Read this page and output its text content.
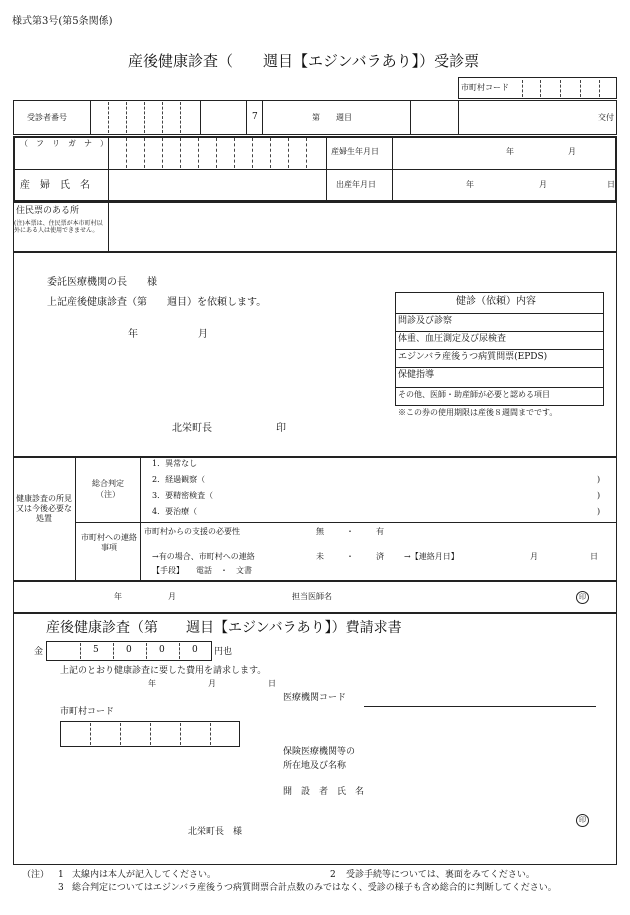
様式第3号(第5条関係)
産後健康診査（　　週目【エジンバラあり】）受診票
市町村コード
受診者番号	7	第　　週目	交付
（　フ　リ　ガ　ナ　）
産婦生年月日	年	月
産　婦　氏　名	出産年月日	年	月	日
住民票のある所
(注)本票は、住民票が本市町村以外にある人は使用できません。
委託医療機関の長　　様
上記産後健康診査（第　　週目）を依頼します。
年	月
北栄町長	印
健診（依頼）内容
問診及び診察
体重、血圧測定及び尿検査
エジンバラ産後うつ病質問票(EPDS)
保健指導
その他、医師・助産師が必要と認める項目
※この券の使用期限は産後８週間までです。
健康診査の所見又は今後必要な処置
総合判定（注）
1．異常なし
2．経過観察（	)
3．要精密検査（	)
4．要治療（	)
市町村への連絡事項
市町村からの支援の必要性	無	・	有
→有の場合、市町村への連絡	未	・	済	→【連絡月日】	月	日
【手段】　　電話　・　文書
年	月	担当医師名	印
産後健康診査（第　　週目【エジンバラあり】）費請求書
金	5	0	0	0 円也
上記のとおり健康診査に要した費用を請求します。
年	月	日
医療機関コード
市町村コード
保険医療機関等の
所在地及び名称
開　設　者　氏　名
印
北栄町長　様
（注） 1 太線内は本人が記入してください。	2 受診手続等については、裏面をみてください。
3 総合判定についてはエジンバラ産後うつ病質問票合計点数のみではなく、受診の様子も含め総合的に判断してください。
